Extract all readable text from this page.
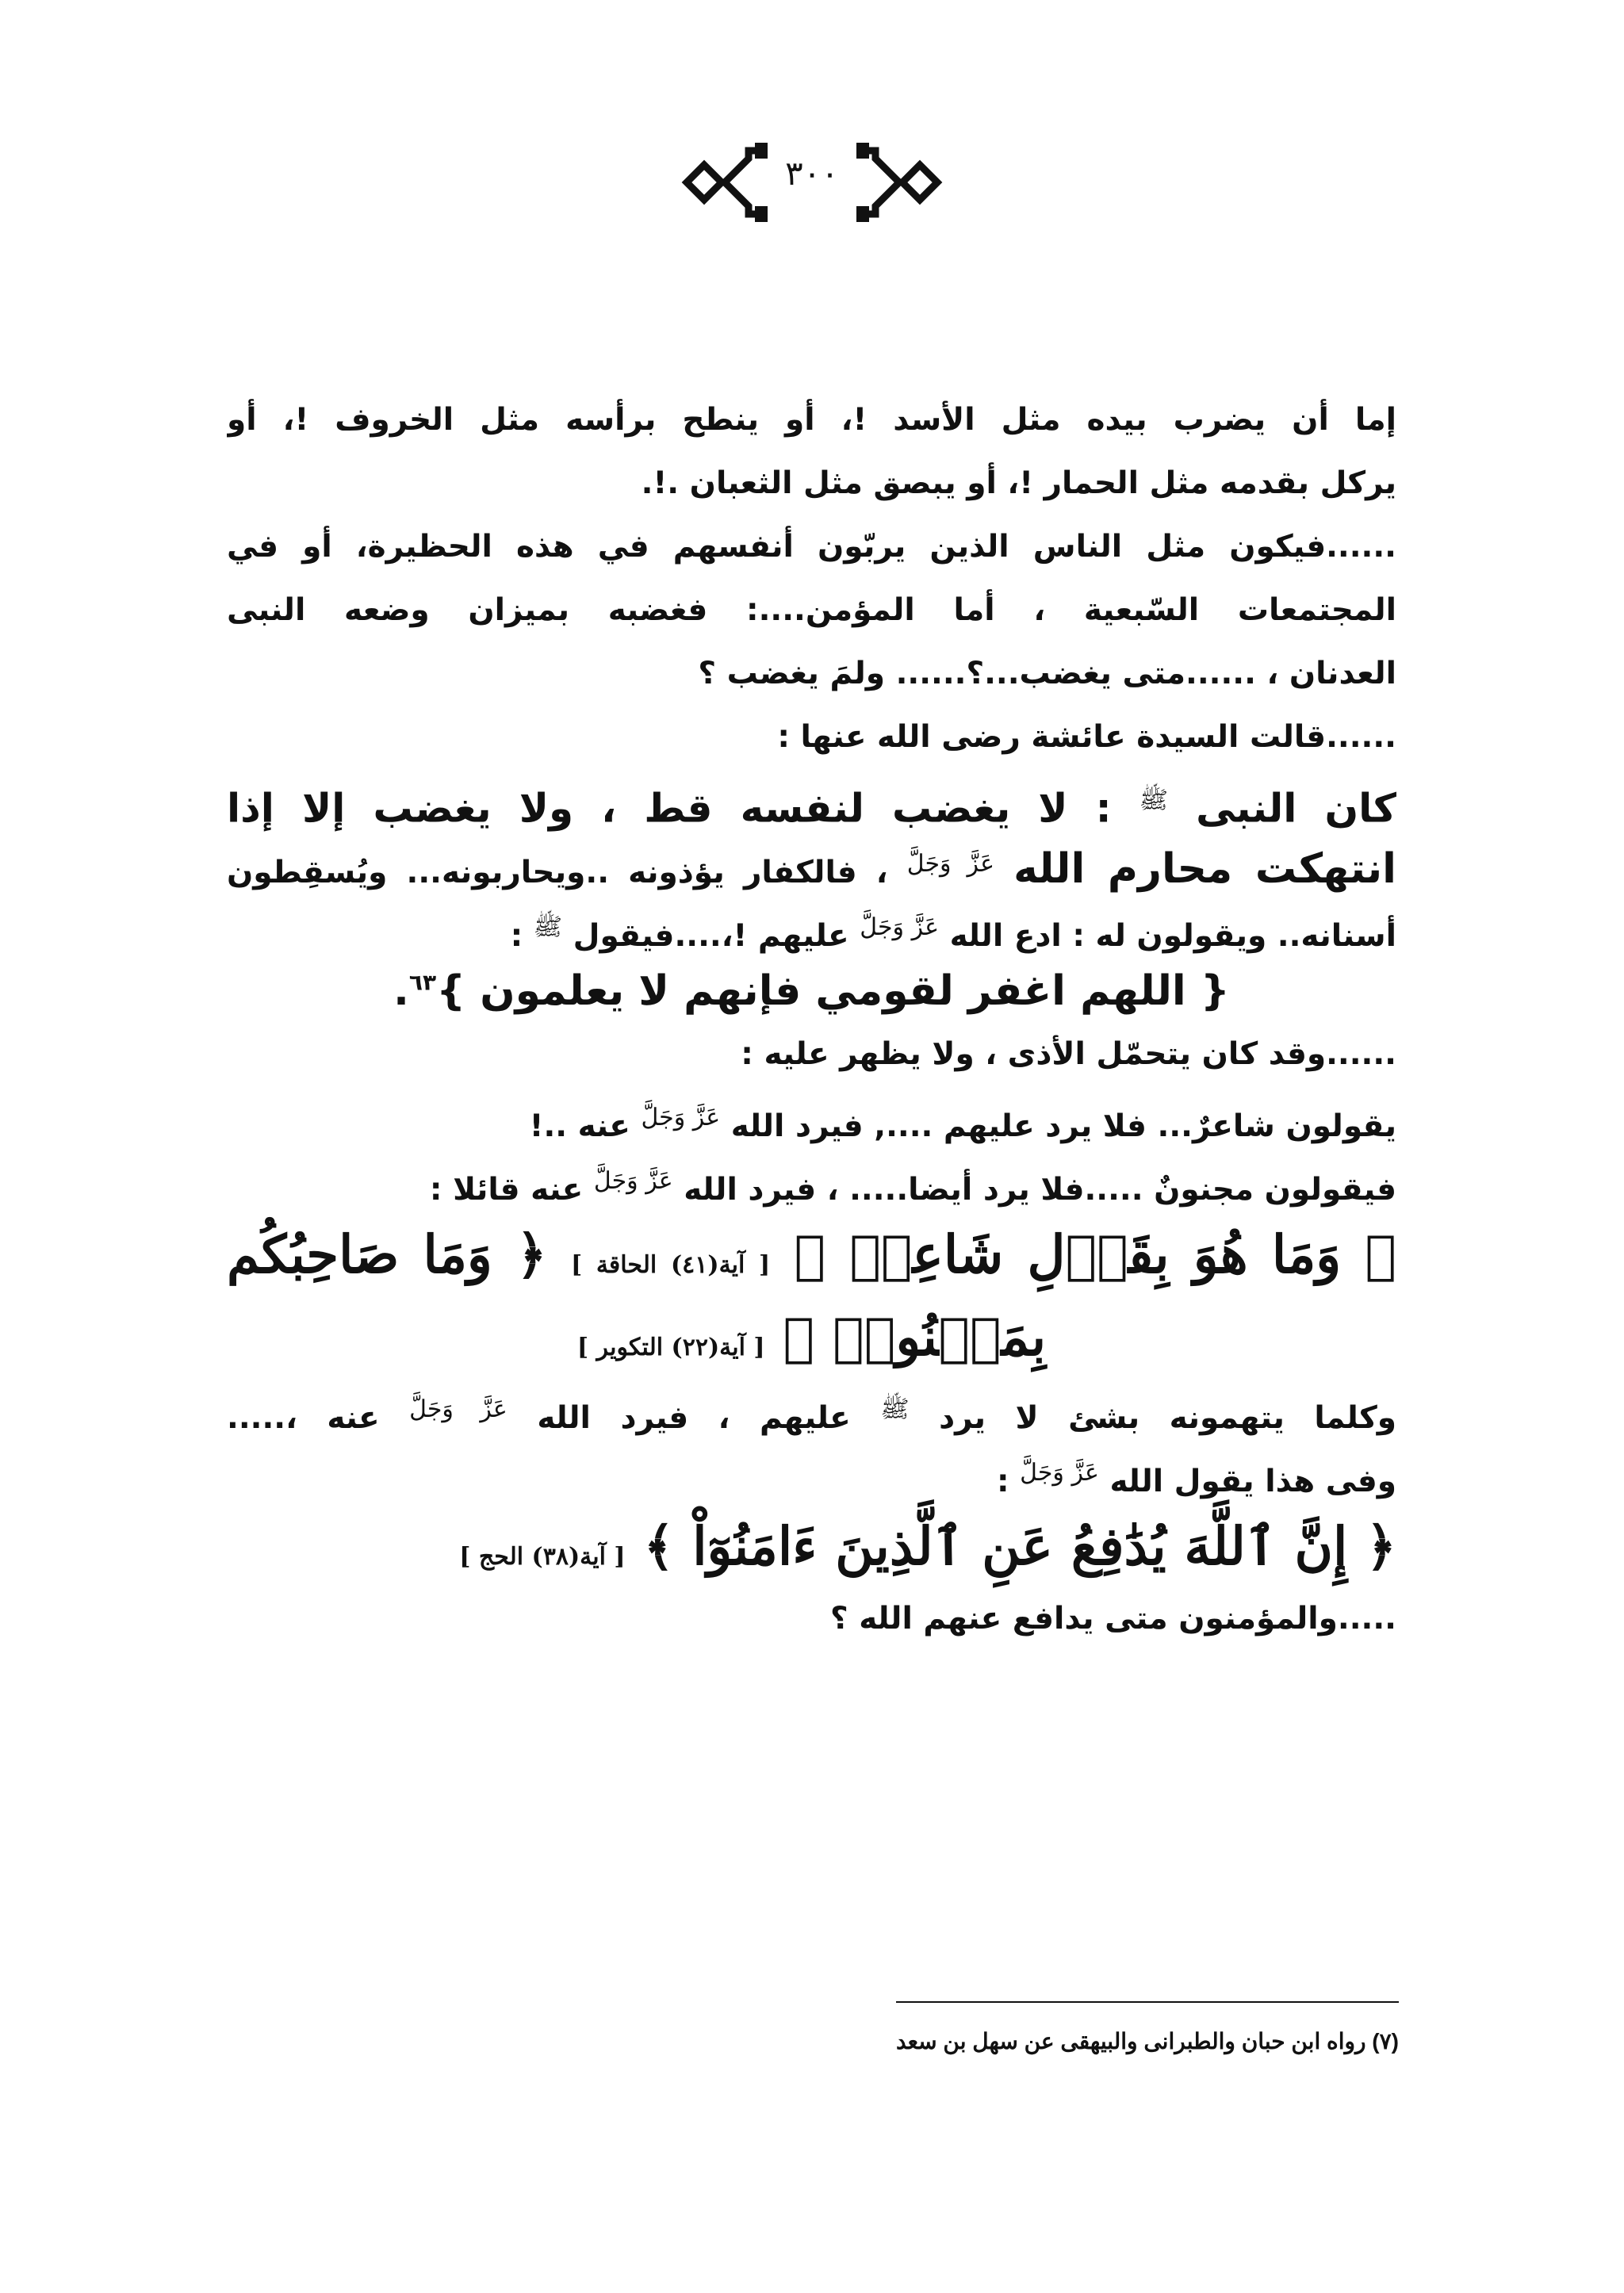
٣٠٠
إما أن يضرب بيده مثل الأسد !، أو ينطح برأسه مثل الخروف !، أو
يركل بقدمه مثل الحمار !، أو يبصق مثل الثعبان .!.
......فيكون مثل الناس الذين يربّون أنفسهم في هذه الحظيرة، أو في
المجتمعات السّبعية ، أما المؤمن....: فغضبه بميزان وضعه النبى
العدنان ، ......متى يغضب...؟...... ولمَ يغضب ؟
......قالت السيدة عائشة رضى الله عنها :
كان النبى $^ﷺ$ : لا يغضب لنفسه قط ، ولا يغضب إلا إذا
انتهكت محارم الله $^{عَزَّ وَجَلَّ}$ ، فالكفار يؤذونه ..ويحاربونه... ويُسقِطون
أسنانه.. ويقولون له : ادع الله $^{عَزَّ وَجَلَّ}$ عليهم !،....فيقول $^ﷺ$ :
{ اللهم اغفر لقومي فإنهم لا يعلمون }$^{٦٣}$.
......وقد كان يتحمّل الأذى ، ولا يظهر عليه :
يقولون شاعرٌ... فلا يرد عليهم ...., فيرد الله $^{عَزَّ وَجَلَّ}$ عنه ..!
فيقولون مجنونٌ .....فلا يرد أيضا..... ، فيرد الله $^{عَزَّ وَجَلَّ}$ عنه قائلا :
﴿ وَمَا هُوَ بِقَوۡلِ شَاعِرٖ ﴾ [ آية(٤١) الحاقة ] ﴿ وَمَا صَاحِبُكُم
بِمَجۡنُونٖ ﴾ [ آية(٢٢) التكوير ]
وكلما يتهمونه بشئ لا يرد $^ﷺ$ عليهم ، فيرد الله $^{عَزَّ وَجَلَّ}$ عنه ،.....
وفى هذا يقول الله $^{عَزَّ وَجَلَّ}$ :
﴿ إِنَّ ٱللَّهَ يُدَٰفِعُ عَنِ ٱلَّذِينَ ءَامَنُوٓاْ ﴾ [ آية(٣٨) الحج ]
.....والمؤمنون متى يدافع عنهم الله ؟
(٧) رواه ابن حبان والطبرانى والبيهقى عن سهل بن سعد
